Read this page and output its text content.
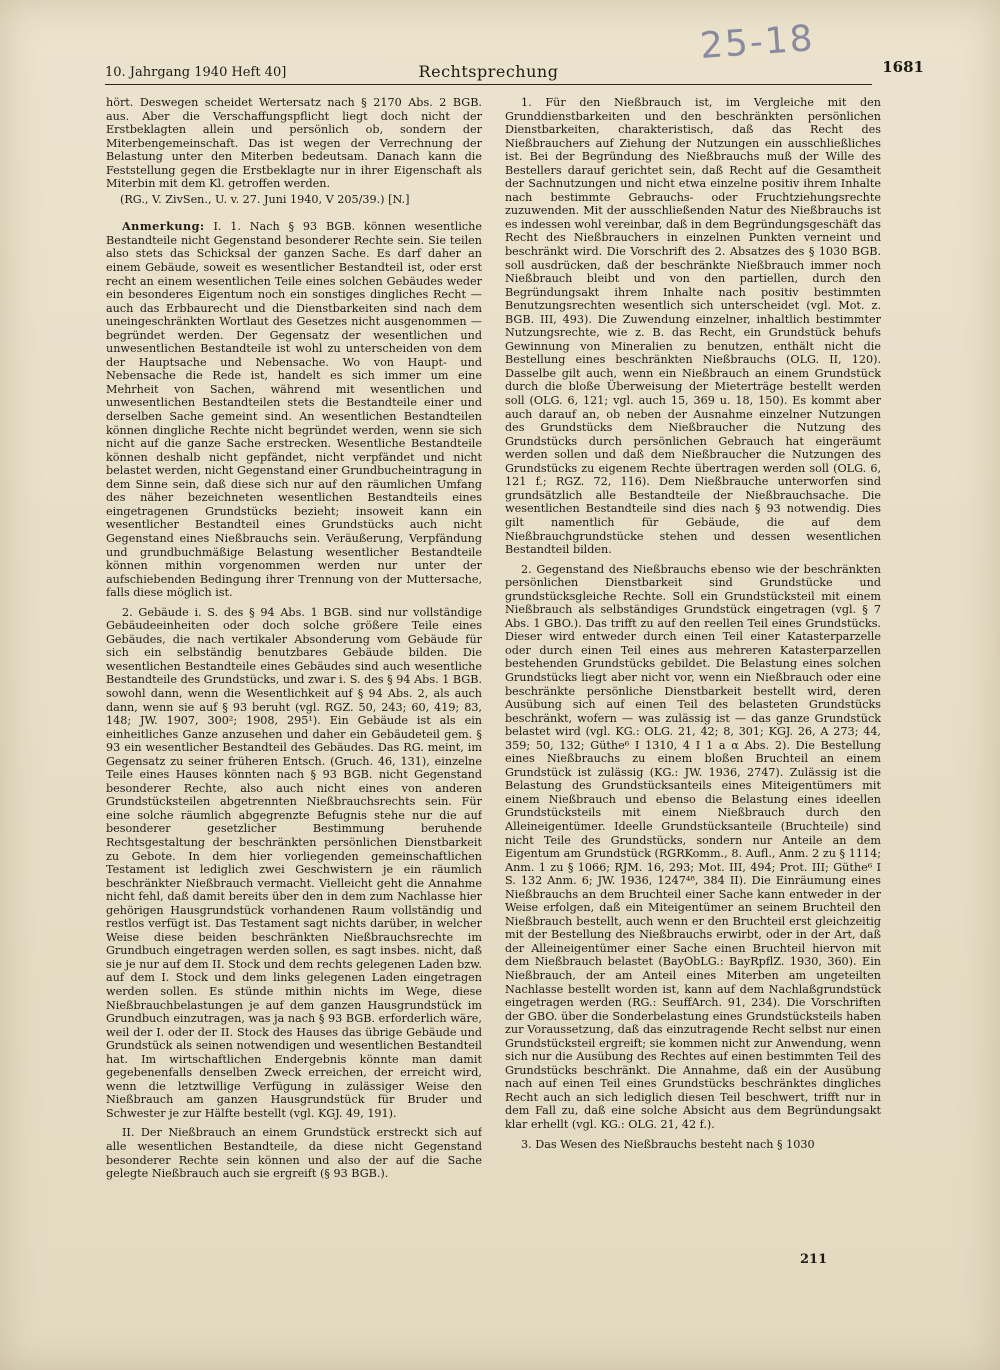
25-18
10. Jahrgang 1940 Heft 40]	Rechtsprechung	1681

hört. Deswegen scheidet Wertersatz nach § 2170 Abs. 2 BGB. aus. Aber die Verschaffungspflicht liegt doch nicht der Erstbeklagten allein und persönlich ob, sondern der Miterbengemeinschaft. Das ist wegen der Verrechnung der Belastung unter den Miterben bedeutsam. Danach kann die Feststellung gegen die Erstbeklagte nur in ihrer Eigenschaft als Miterbin mit dem Kl. getroffen werden.

(RG., V. ZivSen., U. v. 27. Juni 1940, V 205/39.) [N.]

Anmerkung: I. 1. Nach § 93 BGB. können wesentliche Bestandteile nicht Gegenstand besonderer Rechte sein. Sie teilen also stets das Schicksal der ganzen Sache. Es darf daher an einem Gebäude, soweit es wesentlicher Bestandteil ist, oder erst recht an einem wesentlichen Teile eines solchen Gebäudes weder ein besonderes Eigentum noch ein sonstiges dingliches Recht — auch das Erbbaurecht und die Dienstbarkeiten sind nach dem uneingeschränkten Wortlaut des Gesetzes nicht ausgenommen — begründet werden. Der Gegensatz der wesentlichen und unwesentlichen Bestandteile ist wohl zu unterscheiden von dem der Hauptsache und Nebensache. Wo von Haupt- und Nebensache die Rede ist, handelt es sich immer um eine Mehrheit von Sachen, während mit wesentlichen und unwesentlichen Bestandteilen stets die Bestandteile einer und derselben Sache gemeint sind. An wesentlichen Bestandteilen können dingliche Rechte nicht begründet werden, wenn sie sich nicht auf die ganze Sache erstrecken. Wesentliche Bestandteile können deshalb nicht gepfändet, nicht verpfändet und nicht belastet werden, nicht Gegenstand einer Grundbucheintragung in dem Sinne sein, daß diese sich nur auf den räumlichen Umfang des näher bezeichneten wesentlichen Bestandteils eines eingetragenen Grundstücks bezieht; insoweit kann ein wesentlicher Bestandteil eines Grundstücks auch nicht Gegenstand eines Nießbrauchs sein. Veräußerung, Verpfändung und grundbuchmäßige Belastung wesentlicher Bestandteile können mithin vorgenommen werden nur unter der aufschiebenden Bedingung ihrer Trennung von der Muttersache, falls diese möglich ist.

2. Gebäude i. S. des § 94 Abs. 1 BGB. sind nur vollständige Gebäudeeinheiten oder doch solche größere Teile eines Gebäudes, die nach vertikaler Absonderung vom Gebäude für sich ein selbständig benutzbares Gebäude bilden. Die wesentlichen Bestandteile eines Gebäudes sind auch wesentliche Bestandteile des Grundstücks, und zwar i. S. des § 94 Abs. 1 BGB. sowohl dann, wenn die Wesentlichkeit auf § 94 Abs. 2, als auch dann, wenn sie auf § 93 beruht (vgl. RGZ. 50, 243; 60, 419; 83, 148; JW. 1907, 300²; 1908, 295¹). Ein Gebäude ist als ein einheitliches Ganze anzusehen und daher ein Gebäudeteil gem. § 93 ein wesentlicher Bestandteil des Gebäudes. Das RG. meint, im Gegensatz zu seiner früheren Entsch. (Gruch. 46, 131), einzelne Teile eines Hauses könnten nach § 93 BGB. nicht Gegenstand besonderer Rechte, also auch nicht eines von anderen Grundstücksteilen abgetrennten Nießbrauchsrechts sein. Für eine solche räumlich abgegrenzte Befugnis stehe nur die auf besonderer gesetzlicher Bestimmung beruhende Rechtsgestaltung der beschränkten persönlichen Dienstbarkeit zu Gebote. In dem hier vorliegenden gemeinschaftlichen Testament ist lediglich zwei Geschwistern je ein räumlich beschränkter Nießbrauch vermacht. Vielleicht geht die Annahme nicht fehl, daß damit bereits über den in dem zum Nachlasse hier gehörigen Hausgrundstück vorhandenen Raum vollständig und restlos verfügt ist. Das Testament sagt nichts darüber, in welcher Weise diese beiden beschränkten Nießbrauchsrechte im Grundbuch eingetragen werden sollen, es sagt insbes. nicht, daß sie je nur auf dem II. Stock und dem rechts gelegenen Laden bzw. auf dem I. Stock und dem links gelegenen Laden eingetragen werden sollen. Es stünde mithin nichts im Wege, diese Nießbrauchbelastungen je auf dem ganzen Hausgrundstück im Grundbuch einzutragen, was ja nach § 93 BGB. erforderlich wäre, weil der I. oder der II. Stock des Hauses das übrige Gebäude und Grundstück als seinen notwendigen und wesentlichen Bestandteil hat. Im wirtschaftlichen Endergebnis könnte man damit gegebenenfalls denselben Zweck erreichen, der erreicht wird, wenn die letztwillige Verfügung in zulässiger Weise den Nießbrauch am ganzen Hausgrundstück für Bruder und Schwester je zur Hälfte bestellt (vgl. KGJ. 49, 191).

II. Der Nießbrauch an einem Grundstück erstreckt sich auf alle wesentlichen Bestandteile, da diese nicht Gegenstand besonderer Rechte sein können und also der auf die Sache gelegte Nießbrauch auch sie ergreift (§ 93 BGB.).

1. Für den Nießbrauch ist, im Vergleiche mit den Grunddienstbarkeiten und den beschränkten persönlichen Dienstbarkeiten, charakteristisch, daß das Recht des Nießbrauchers auf Ziehung der Nutzungen ein ausschließliches ist. Bei der Begründung des Nießbrauchs muß der Wille des Bestellers darauf gerichtet sein, daß Recht auf die Gesamtheit der Sachnutzungen und nicht etwa einzelne positiv ihrem Inhalte nach bestimmte Gebrauchs- oder Fruchtziehungsrechte zuzuwenden. Mit der ausschließenden Natur des Nießbrauchs ist es indessen wohl vereinbar, daß in dem Begründungsgeschäft das Recht des Nießbrauchers in einzelnen Punkten verneint und beschränkt wird. Die Vorschrift des 2. Absatzes des § 1030 BGB. soll ausdrücken, daß der beschränkte Nießbrauch immer noch Nießbrauch bleibt und von den partiellen, durch den Begründungsakt ihrem Inhalte nach positiv bestimmten Benutzungsrechten wesentlich sich unterscheidet (vgl. Mot. z. BGB. III, 493). Die Zuwendung einzelner, inhaltlich bestimmter Nutzungsrechte, wie z. B. das Recht, ein Grundstück behufs Gewinnung von Mineralien zu benutzen, enthält nicht die Bestellung eines beschränkten Nießbrauchs (OLG. II, 120). Dasselbe gilt auch, wenn ein Nießbrauch an einem Grundstück durch die bloße Überweisung der Mieterträge bestellt werden soll (OLG. 6, 121; vgl. auch 15, 369 u. 18, 150). Es kommt aber auch darauf an, ob neben der Ausnahme einzelner Nutzungen des Grundstücks dem Nießbraucher die Nutzung des Grundstücks durch persönlichen Gebrauch hat eingeräumt werden sollen und daß dem Nießbraucher die Nutzungen des Grundstücks zu eigenem Rechte übertragen werden soll (OLG. 6, 121 f.; RGZ. 72, 116). Dem Nießbrauche unterworfen sind grundsätzlich alle Bestandteile der Nießbrauchsache. Die wesentlichen Bestandteile sind dies nach § 93 notwendig. Dies gilt namentlich für Gebäude, die auf dem Nießbrauchgrundstücke stehen und dessen wesentlichen Bestandteil bilden.

2. Gegenstand des Nießbrauchs ebenso wie der beschränkten persönlichen Dienstbarkeit sind Grundstücke und grundstücksgleiche Rechte. Soll ein Grundstücksteil mit einem Nießbrauch als selbständiges Grundstück eingetragen (vgl. § 7 Abs. 1 GBO.). Das trifft zu auf den reellen Teil eines Grundstücks. Dieser wird entweder durch einen Teil einer Katasterparzelle oder durch einen Teil eines aus mehreren Katasterparzellen bestehenden Grundstücks gebildet. Die Belastung eines solchen Grundstücks liegt aber nicht vor, wenn ein Nießbrauch oder eine beschränkte persönliche Dienstbarkeit bestellt wird, deren Ausübung sich auf einen Teil des belasteten Grundstücks beschränkt, wofern — was zulässig ist — das ganze Grundstück belastet wird (vgl. KG.: OLG. 21, 42; 8, 301; KGJ. 26, A 273; 44, 359; 50, 132; Güthe⁶ I 1310, 4 I 1 a α Abs. 2). Die Bestellung eines Nießbrauchs zu einem bloßen Bruchteil an einem Grundstück ist zulässig (KG.: JW. 1936, 2747). Zulässig ist die Belastung des Grundstücksanteils eines Miteigentümers mit einem Nießbrauch und ebenso die Belastung eines ideellen Grundstücksteils mit einem Nießbrauch durch den Alleineigentümer. Ideelle Grundstücksanteile (Bruchteile) sind nicht Teile des Grundstücks, sondern nur Anteile an dem Eigentum am Grundstück (RGRKomm., 8. Aufl., Anm. 2 zu § 1114; Anm. 1 zu § 1066; RJM. 16, 293; Mot. III, 494; Prot. III; Güthe⁶ I S. 132 Anm. 6; JW. 1936, 1247⁴⁸, 384 II). Die Einräumung eines Nießbrauchs an dem Bruchteil einer Sache kann entweder in der Weise erfolgen, daß ein Miteigentümer an seinem Bruchteil den Nießbrauch bestellt, auch wenn er den Bruchteil erst gleichzeitig mit der Bestellung des Nießbrauchs erwirbt, oder in der Art, daß der Alleineigentümer einer Sache einen Bruchteil hiervon mit dem Nießbrauch belastet (BayObLG.: BayRpflZ. 1930, 360). Ein Nießbrauch, der am Anteil eines Miterben am ungeteilten Nachlasse bestellt worden ist, kann auf dem Nachlaßgrundstück eingetragen werden (RG.: SeuffArch. 91, 234). Die Vorschriften der GBO. über die Sonderbelastung eines Grundstücksteils haben zur Voraussetzung, daß das einzutragende Recht selbst nur einen Grundstücksteil ergreift; sie kommen nicht zur Anwendung, wenn sich nur die Ausübung des Rechtes auf einen bestimmten Teil des Grundstücks beschränkt. Die Annahme, daß ein der Ausübung nach auf einen Teil eines Grundstücks beschränktes dingliches Recht auch an sich lediglich diesen Teil beschwert, trifft nur in dem Fall zu, daß eine solche Absicht aus dem Begründungsakt klar erhellt (vgl. KG.: OLG. 21, 42 f.).

3. Das Wesen des Nießbrauchs besteht nach § 1030

211
